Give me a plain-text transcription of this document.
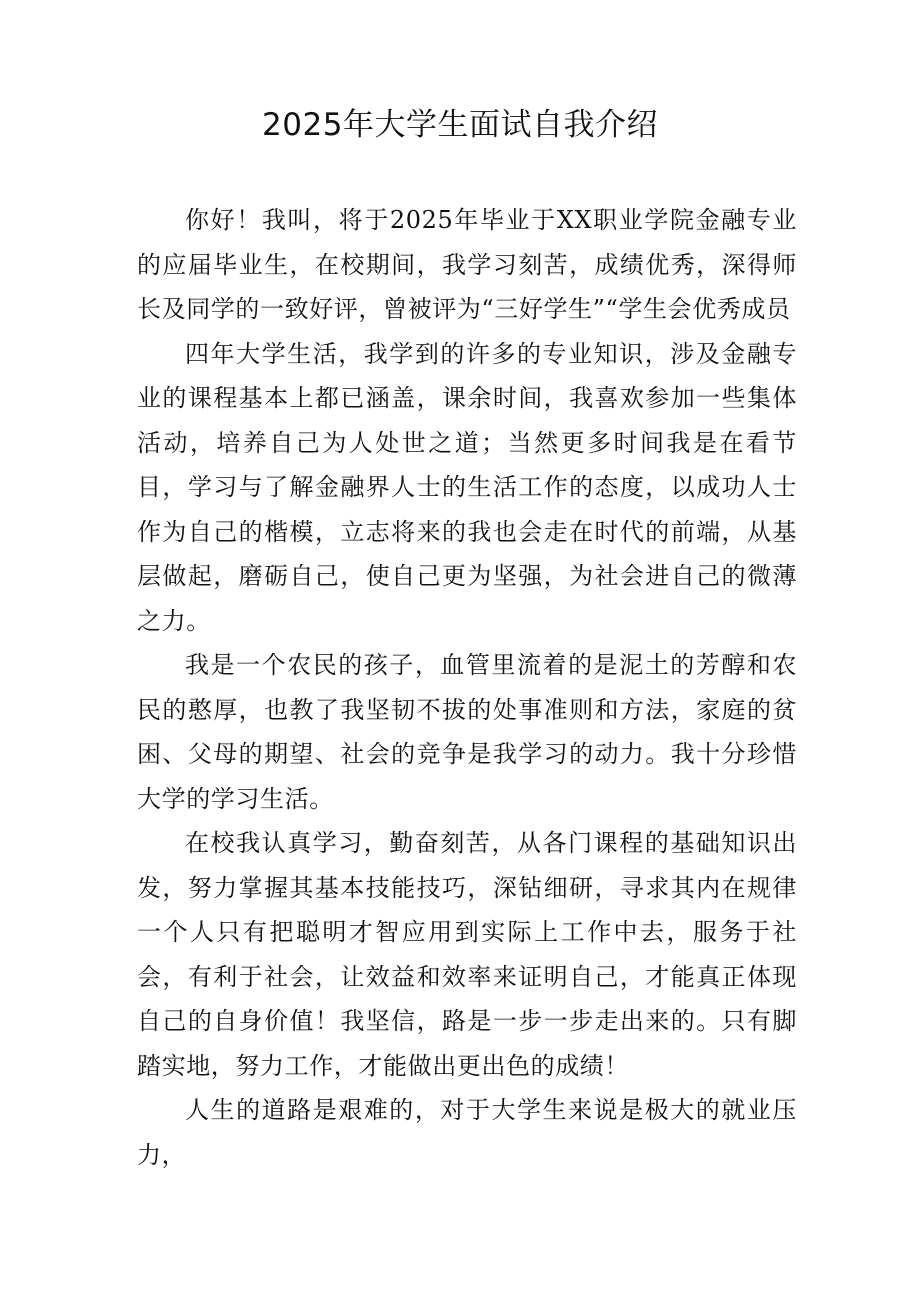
2025年大学生面试自我介绍

你好！我叫，将于2025年毕业于XX职业学院金融专业的应届毕业生，在校期间，我学习刻苦，成绩优秀，深得师长及同学的一致好评，曾被评为“三好学生”“学生会优秀成员

四年大学生活，我学到的许多的专业知识，涉及金融专业的课程基本上都已涵盖，课余时间，我喜欢参加一些集体活动，培养自己为人处世之道；当然更多时间我是在看节目，学习与了解金融界人士的生活工作的态度，以成功人士作为自己的楷模，立志将来的我也会走在时代的前端，从基层做起，磨砺自己，使自己更为坚强，为社会进自己的微薄之力。

我是一个农民的孩子，血管里流着的是泥土的芳醇和农民的憨厚，也教了我坚韧不拔的处事准则和方法，家庭的贫困、父母的期望、社会的竞争是我学习的动力。我十分珍惜大学的学习生活。

在校我认真学习，勤奋刻苦，从各门课程的基础知识出发，努力掌握其基本技能技巧，深钻细研，寻求其内在规律一个人只有把聪明才智应用到实际上工作中去，服务于社会，有利于社会，让效益和效率来证明自己，才能真正体现自己的自身价值！我坚信，路是一步一步走出来的。只有脚踏实地，努力工作，才能做出更出色的成绩！

人生的道路是艰难的，对于大学生来说是极大的就业压力，
